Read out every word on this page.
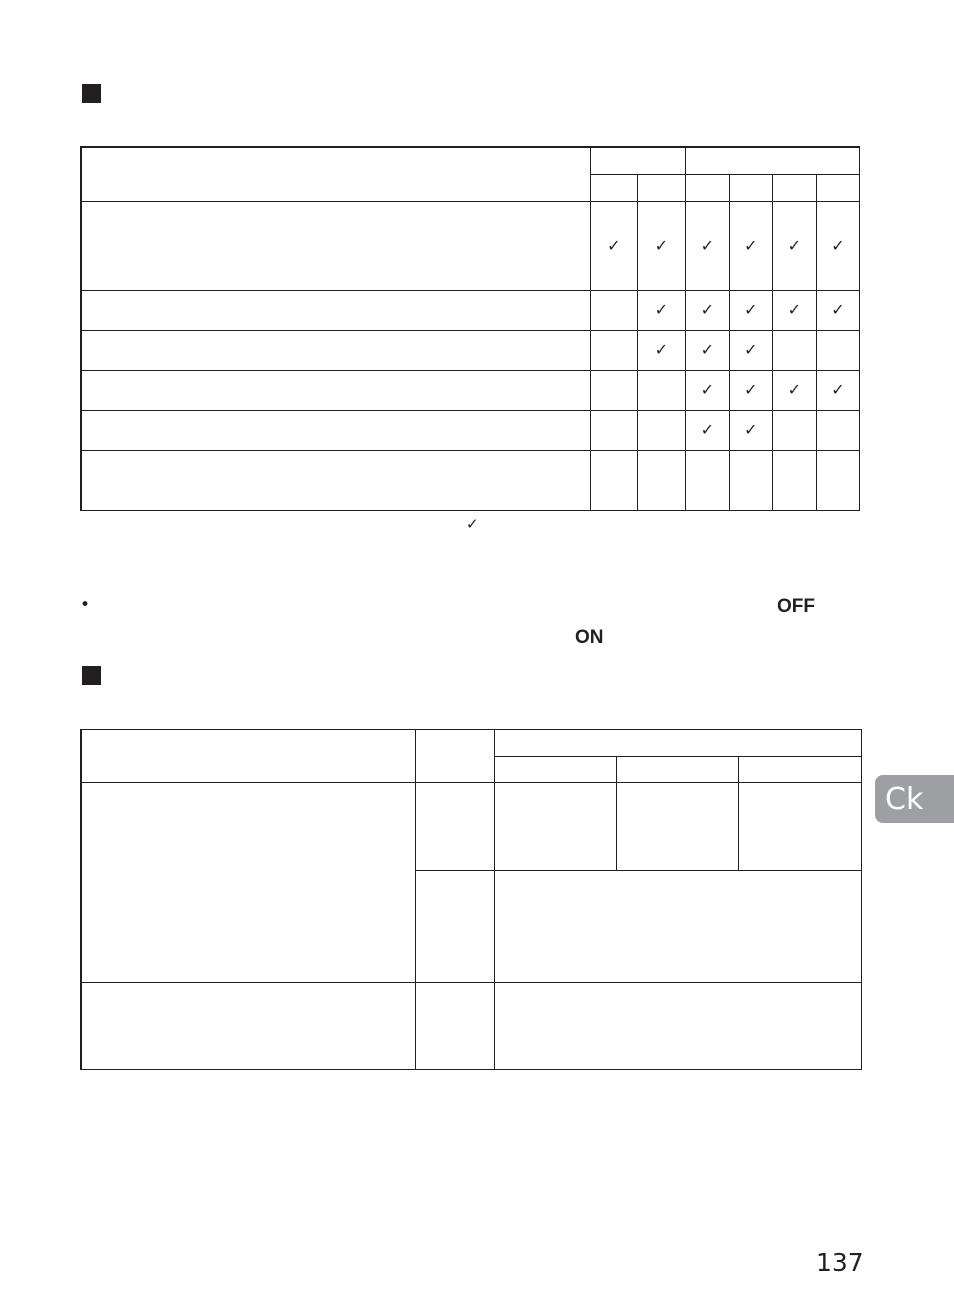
	✓	✓	✓	✓	✓	✓
		✓	✓	✓	✓	✓
		✓	✓	✓		
			✓	✓	✓	✓
			✓	✓		

✓
•	OFF
ON

Ck
137
